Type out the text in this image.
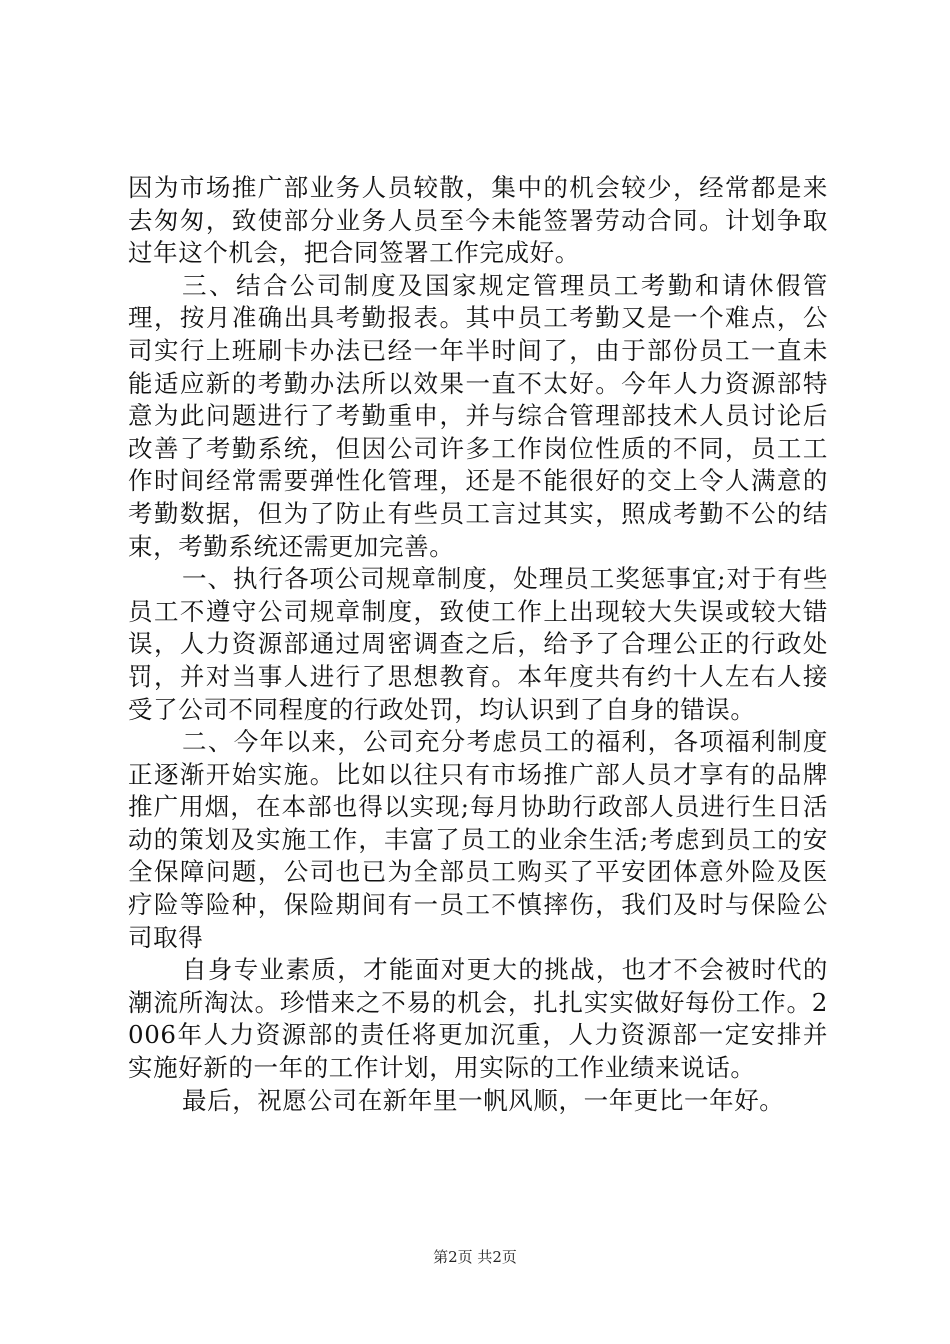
因为市场推广部业务人员较散，集中的机会较少，经常都是来去匆匆，致使部分业务人员至今未能签署劳动合同。计划争取过年这个机会，把合同签署工作完成好。

三、结合公司制度及国家规定管理员工考勤和请休假管理，按月准确出具考勤报表。其中员工考勤又是一个难点，公司实行上班刷卡办法已经一年半时间了，由于部份员工一直未能适应新的考勤办法所以效果一直不太好。今年人力资源部特意为此问题进行了考勤重申，并与综合管理部技术人员讨论后改善了考勤系统，但因公司许多工作岗位性质的不同，员工工作时间经常需要弹性化管理，还是不能很好的交上令人满意的考勤数据，但为了防止有些员工言过其实，照成考勤不公的结束，考勤系统还需更加完善。

一、执行各项公司规章制度，处理员工奖惩事宜;对于有些员工不遵守公司规章制度，致使工作上出现较大失误或较大错误，人力资源部通过周密调查之后，给予了合理公正的行政处罚，并对当事人进行了思想教育。本年度共有约十人左右人接受了公司不同程度的行政处罚，均认识到了自身的错误。

二、今年以来，公司充分考虑员工的福利，各项福利制度正逐渐开始实施。比如以往只有市场推广部人员才享有的品牌推广用烟，在本部也得以实现;每月协助行政部人员进行生日活动的策划及实施工作，丰富了员工的业余生活;考虑到员工的安全保障问题，公司也已为全部员工购买了平安团体意外险及医疗险等险种，保险期间有一员工不慎摔伤，我们及时与保险公司取得

自身专业素质，才能面对更大的挑战，也才不会被时代的潮流所淘汰。珍惜来之不易的机会，扎扎实实做好每份工作。2006年人力资源部的责任将更加沉重，人力资源部一定安排并实施好新的一年的工作计划，用实际的工作业绩来说话。

最后，祝愿公司在新年里一帆风顺，一年更比一年好。

第2页 共2页
